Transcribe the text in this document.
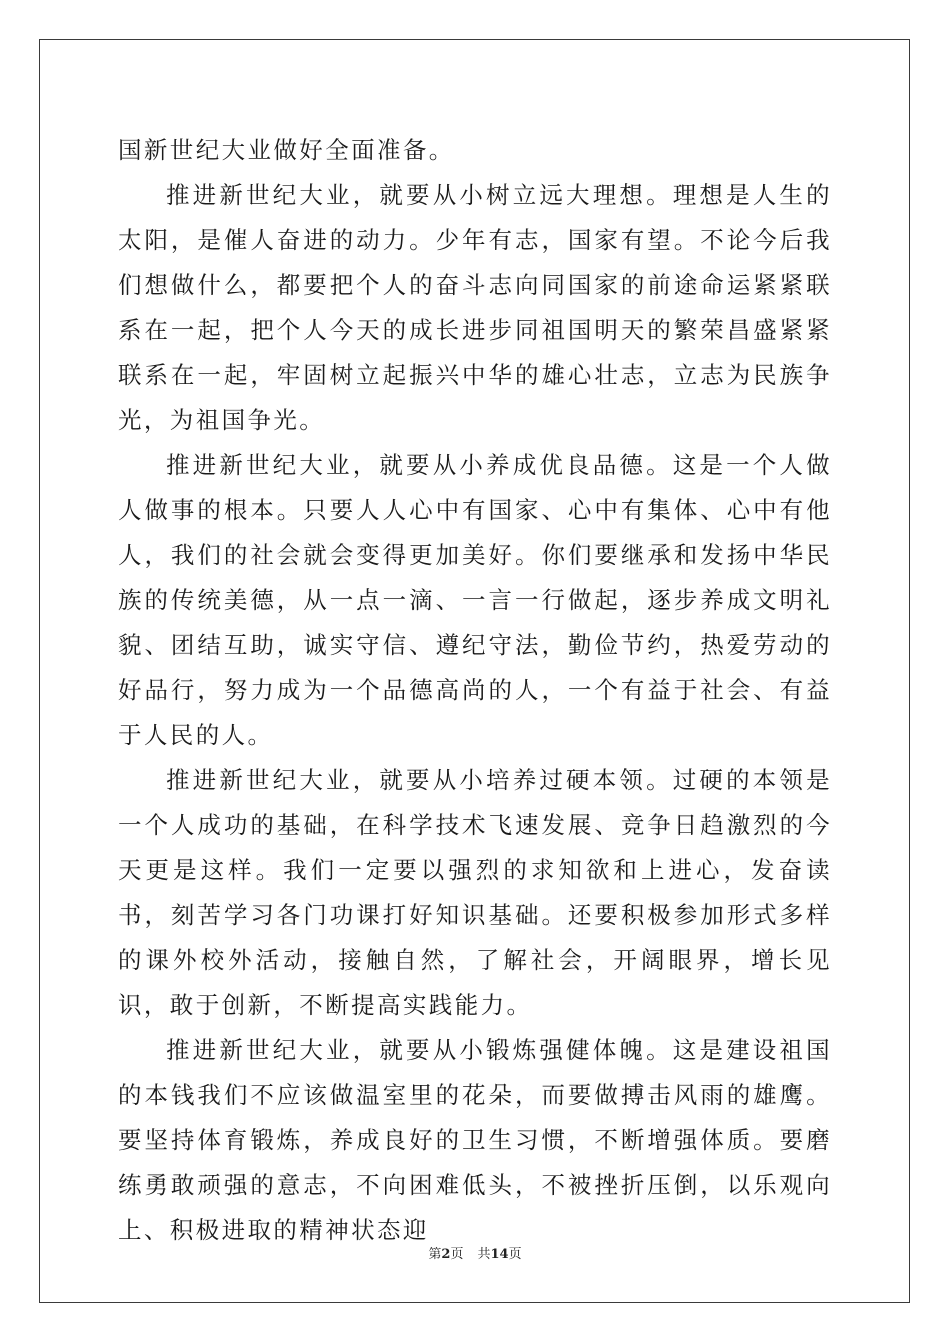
国新世纪大业做好全面准备。

推进新世纪大业，就要从小树立远大理想。理想是人生的太阳，是催人奋进的动力。少年有志，国家有望。不论今后我们想做什么，都要把个人的奋斗志向同国家的前途命运紧紧联系在一起，把个人今天的成长进步同祖国明天的繁荣昌盛紧紧联系在一起，牢固树立起振兴中华的雄心壮志，立志为民族争光，为祖国争光。

推进新世纪大业，就要从小养成优良品德。这是一个人做人做事的根本。只要人人心中有国家、心中有集体、心中有他人，我们的社会就会变得更加美好。你们要继承和发扬中华民族的传统美德，从一点一滴、一言一行做起，逐步养成文明礼貌、团结互助，诚实守信、遵纪守法，勤俭节约，热爱劳动的好品行，努力成为一个品德高尚的人，一个有益于社会、有益于人民的人。

推进新世纪大业，就要从小培养过硬本领。过硬的本领是一个人成功的基础，在科学技术飞速发展、竞争日趋激烈的今天更是这样。我们一定要以强烈的求知欲和上进心，发奋读书，刻苦学习各门功课打好知识基础。还要积极参加形式多样的课外校外活动，接触自然，了解社会，开阔眼界，增长见识，敢于创新，不断提高实践能力。

推进新世纪大业，就要从小锻炼强健体魄。这是建设祖国的本钱我们不应该做温室里的花朵，而要做搏击风雨的雄鹰。要坚持体育锻炼，养成良好的卫生习惯，不断增强体质。要磨练勇敢顽强的意志，不向困难低头，不被挫折压倒，以乐观向上、积极进取的精神状态迎

第2页 共14页
